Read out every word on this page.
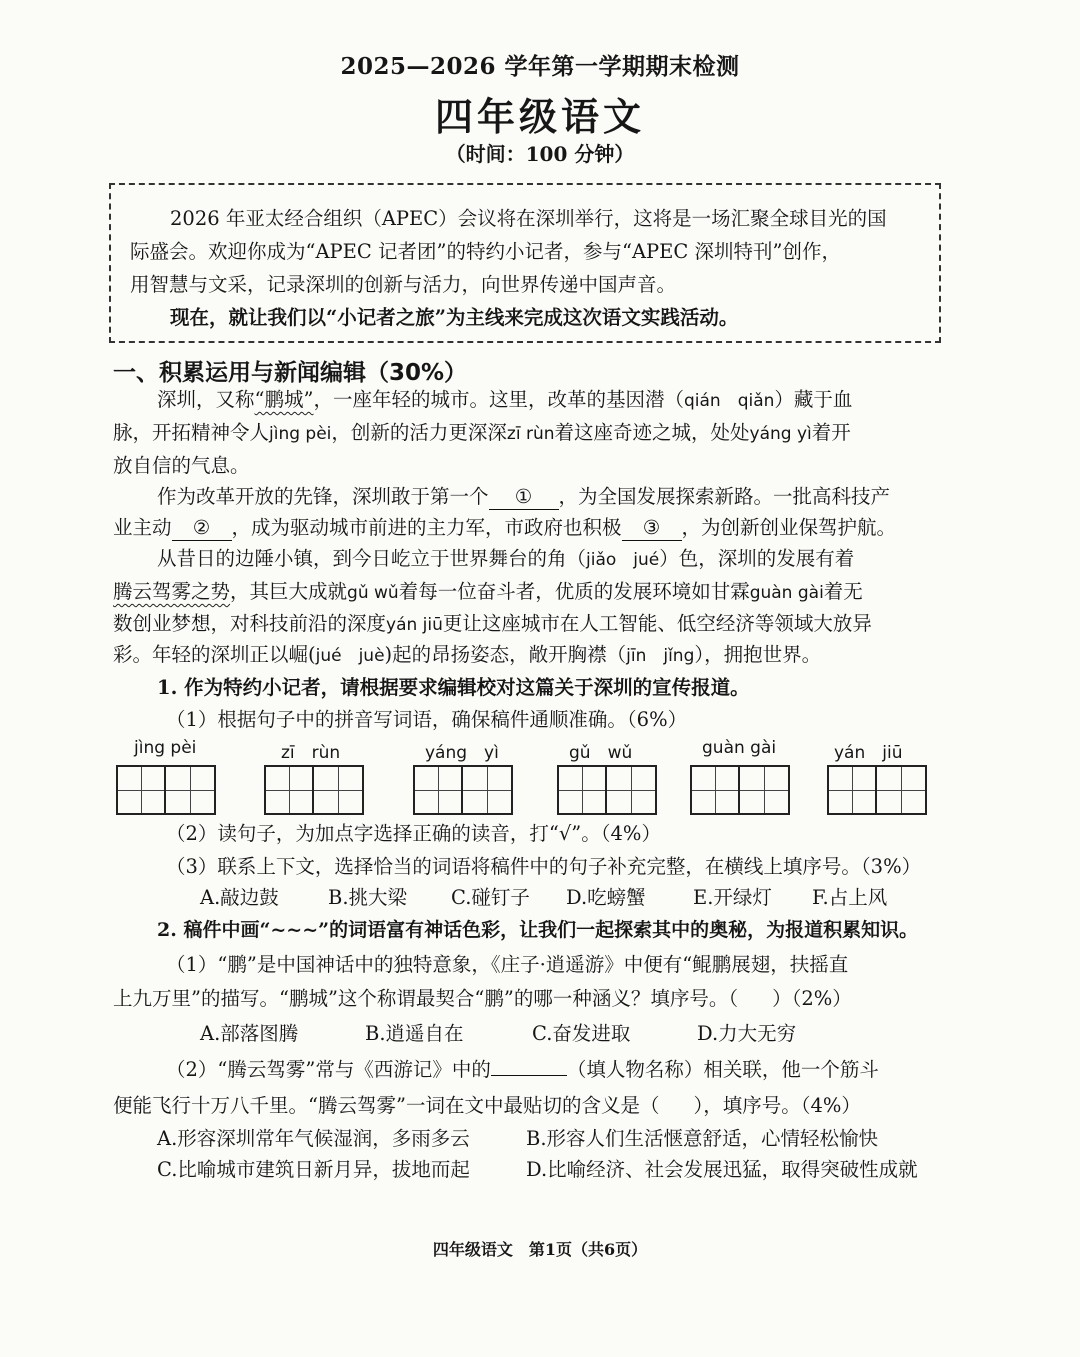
2025—2026 学年第一学期期末检测
四年级语文
（时间：100 分钟）
2026 年亚太经合组织（APEC）会议将在深圳举行，这将是一场汇聚全球目光的国
际盛会。欢迎你成为“APEC 记者团”的特约小记者，参与“APEC 深圳特刊”创作，
用智慧与文采，记录深圳的创新与活力，向世界传递中国声音。
现在，就让我们以“小记者之旅”为主线来完成这次语文实践活动。
一、积累运用与新闻编辑（30%）
深圳，又称“鹏城”，一座年轻的城市。这里，改革的基因潜（qián　qiǎn）藏于血
脉，开拓精神令人jìng pèi，创新的活力更深深zī rùn着这座奇迹之城，处处yáng yì着开
放自信的气息。
作为改革开放的先锋，深圳敢于第一个 ① ，为全国发展探索新路。一批高科技产
业主动 ② ，成为驱动城市前进的主力军，市政府也积极 ③ ，为创新创业保驾护航。
从昔日的边陲小镇，到今日屹立于世界舞台的角（jiǎo　jué）色，深圳的发展有着
腾云驾雾之势，其巨大成就gǔ wǔ着每一位奋斗者，优质的发展环境如甘霖guàn gài着无
数创业梦想，对科技前沿的深度yán jiū更让这座城市在人工智能、低空经济等领域大放异
彩。年轻的深圳正以崛(jué　juè)起的昂扬姿态，敞开胸襟（jīn　jǐng），拥抱世界。
1. 作为特约小记者，请根据要求编辑校对这篇关于深圳的宣传报道。
（1）根据句子中的拼音写词语，确保稿件通顺准确。（6%）
jìng pèi	zī　rùn	yáng　yì	gǔ　wǔ	guàn gài	yán　jiū
（2）读句子，为加点字选择正确的读音，打“√”。（4%）
（3）联系上下文，选择恰当的词语将稿件中的句子补充完整，在横线上填序号。（3%）
A.敲边鼓	B.挑大梁 C.碰钉子 D.吃螃蟹 E.开绿灯 F.占上风
2. 稿件中画“~~~”的词语富有神话色彩，让我们一起探索其中的奥秘，为报道积累知识。
（1）“鹏”是中国神话中的独特意象，《庄子·逍遥游》中便有“鲲鹏展翅，扶摇直
上九万里”的描写。“鹏城”这个称谓最契合“鹏”的哪一种涵义？填序号。（ ）（2%）
A.部落图腾	B.逍遥自在	C.奋发进取	D.力大无穷
（2）“腾云驾雾”常与《西游记》中的	（填人物名称）相关联，他一个筋斗
便能飞行十万八千里。“腾云驾雾”一词在文中最贴切的含义是（ ），填序号。（4%）
A.形容深圳常年气候湿润，多雨多云	B.形容人们生活惬意舒适，心情轻松愉快
C.比喻城市建筑日新月异，拔地而起	D.比喻经济、社会发展迅猛，取得突破性成就
四年级语文　第1页（共6页）
